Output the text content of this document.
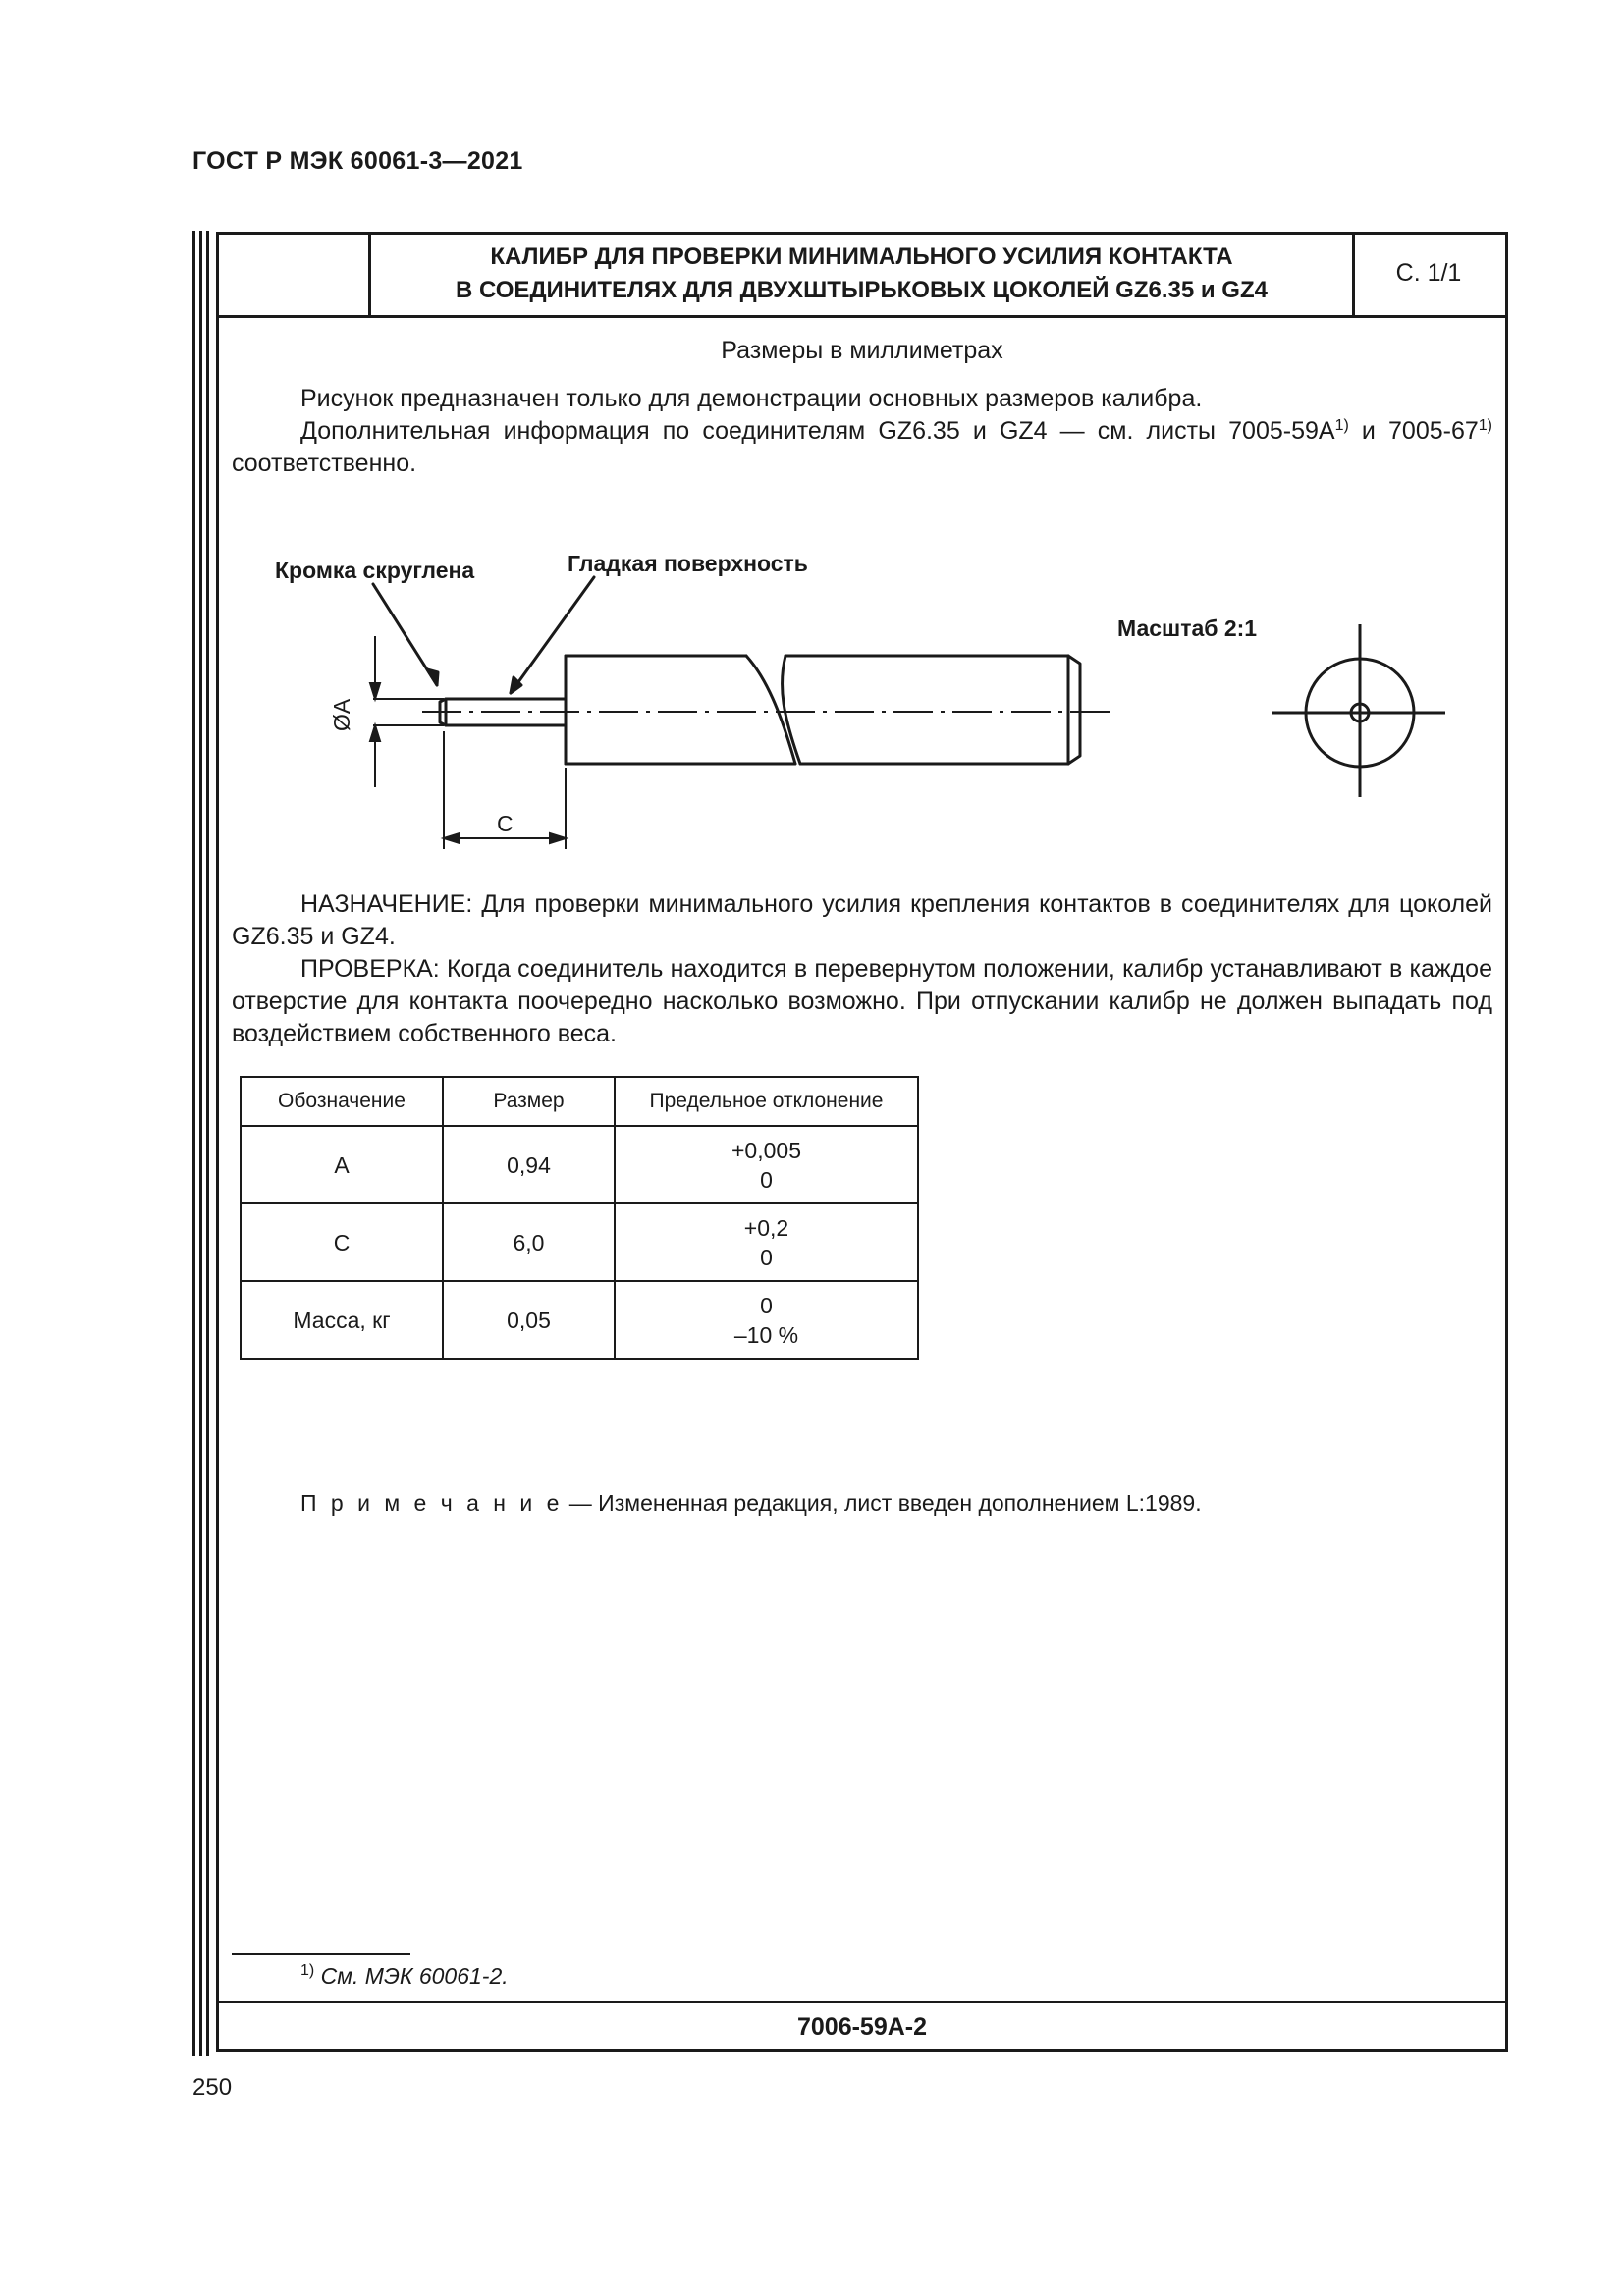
ГОСТ Р МЭК 60061-3—2021
КАЛИБР ДЛЯ ПРОВЕРКИ МИНИМАЛЬНОГО УСИЛИЯ КОНТАКТА
В СОЕДИНИТЕЛЯХ ДЛЯ ДВУХШТЫРЬКОВЫХ ЦОКОЛЕЙ GZ6.35 и GZ4
С. 1/1
Размеры в миллиметрах
Рисунок предназначен только для демонстрации основных размеров калибра.
Дополнительная информация по соединителям GZ6.35 и GZ4 — см. листы $7005-59A^{1)}$ и 7005-67$^{1)}$ соответственно.
Кромка скруглена	Гладкая поверхность
Масштаб 2:1
ØA
C
НАЗНАЧЕНИЕ: Для проверки минимального усилия крепления контактов в соединителях для цоколей GZ6.35 и GZ4.
ПРОВЕРКА: Когда соединитель находится в перевернутом положении, калибр устанавливают в каждое отверстие для контакта поочередно насколько возможно. При отпускании калибр не должен выпадать под воздействием собственного веса.
Обозначение	Размер	Предельное отклонение
A	0,94	+0,005
0

C	6,0	+0,2
0

Масса, кг	0,05	0
–10 %
П р и м е ч а н и е — Измененная редакция, лист введен дополнением L:1989.
$^{1)}$ См. МЭК 60061-2.
7006-59A-2
250
